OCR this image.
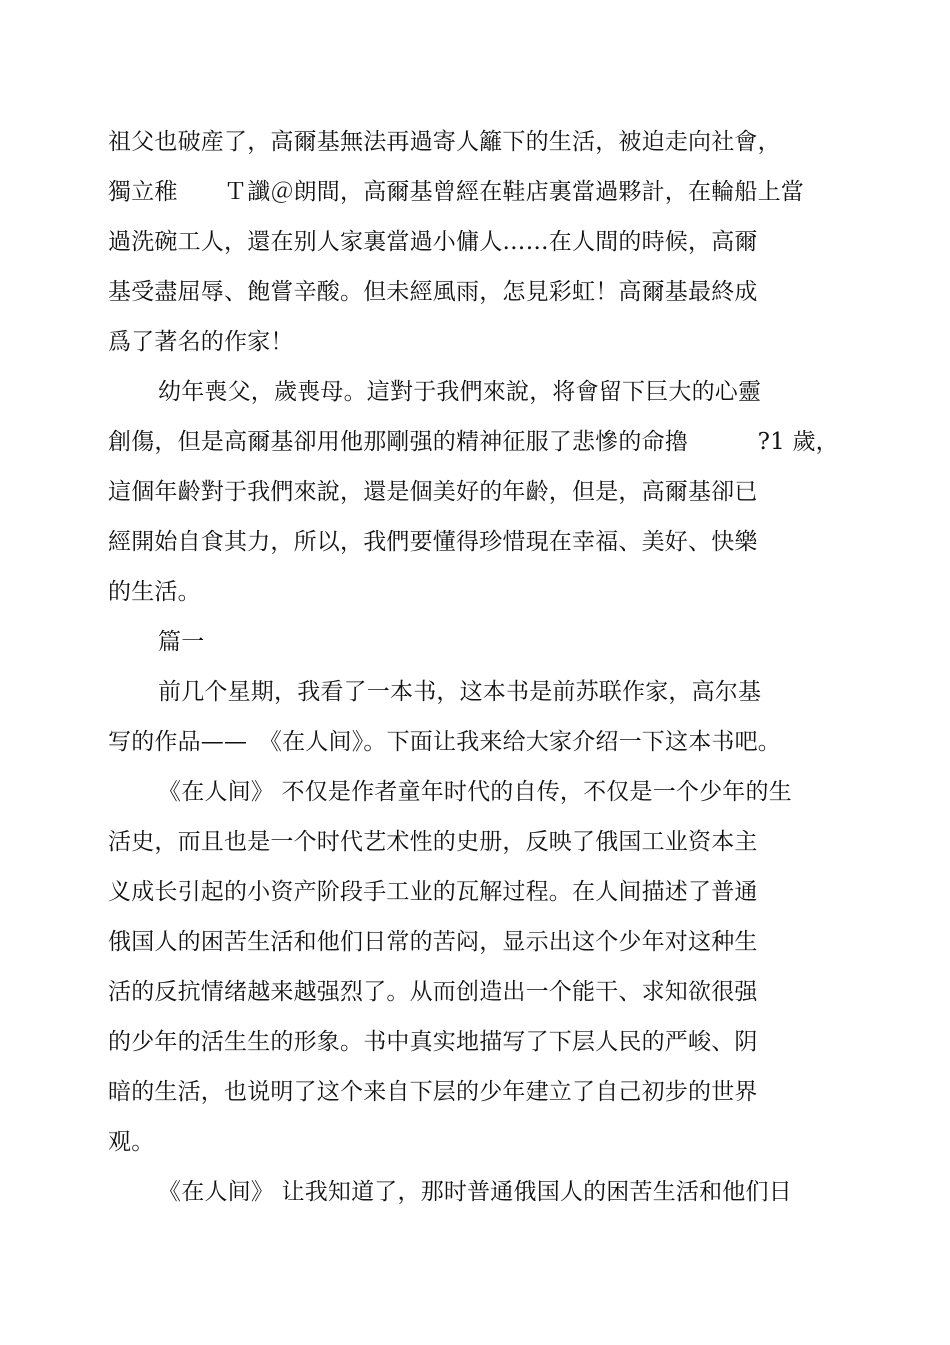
祖父也破産了，高爾基無法再過寄人籬下的生活，被迫走向社會，
獨立稚　　Ｔ讖＠朗間，高爾基曾經在鞋店裏當過夥計，在輪船上當
過洗碗工人，還在别人家裏當過小傭人……在人間的時候，高爾
基受盡屈辱、飽嘗辛酸。但未經風雨，怎見彩虹！高爾基最終成
爲了著名的作家！
幼年喪父，歲喪母。這對于我們來說，将會留下巨大的心靈
創傷，但是高爾基卻用他那剛强的精神征服了悲慘的命擼　　　?1 歲，
這個年齡對于我們來說，還是個美好的年齡，但是，高爾基卻已
經開始自食其力，所以，我們要懂得珍惜現在幸福、美好、快樂
的生活。
篇一
前几个星期，我看了一本书，这本书是前苏联作家，高尔基
写的作品——　《在人间》。下面让我来给大家介绍一下这本书吧。
《在人间》 不仅是作者童年时代的自传，不仅是一个少年的生
活史，而且也是一个时代艺术性的史册，反映了俄国工业资本主
义成长引起的小资产阶段手工业的瓦解过程。在人间描述了普通
俄国人的困苦生活和他们日常的苦闷，显示出这个少年对这种生
活的反抗情绪越来越强烈了。从而创造出一个能干、求知欲很强
的少年的活生生的形象。书中真实地描写了下层人民的严峻、阴
暗的生活，也说明了这个来自下层的少年建立了自己初步的世界
观。
《在人间》 让我知道了，那时普通俄国人的困苦生活和他们日
